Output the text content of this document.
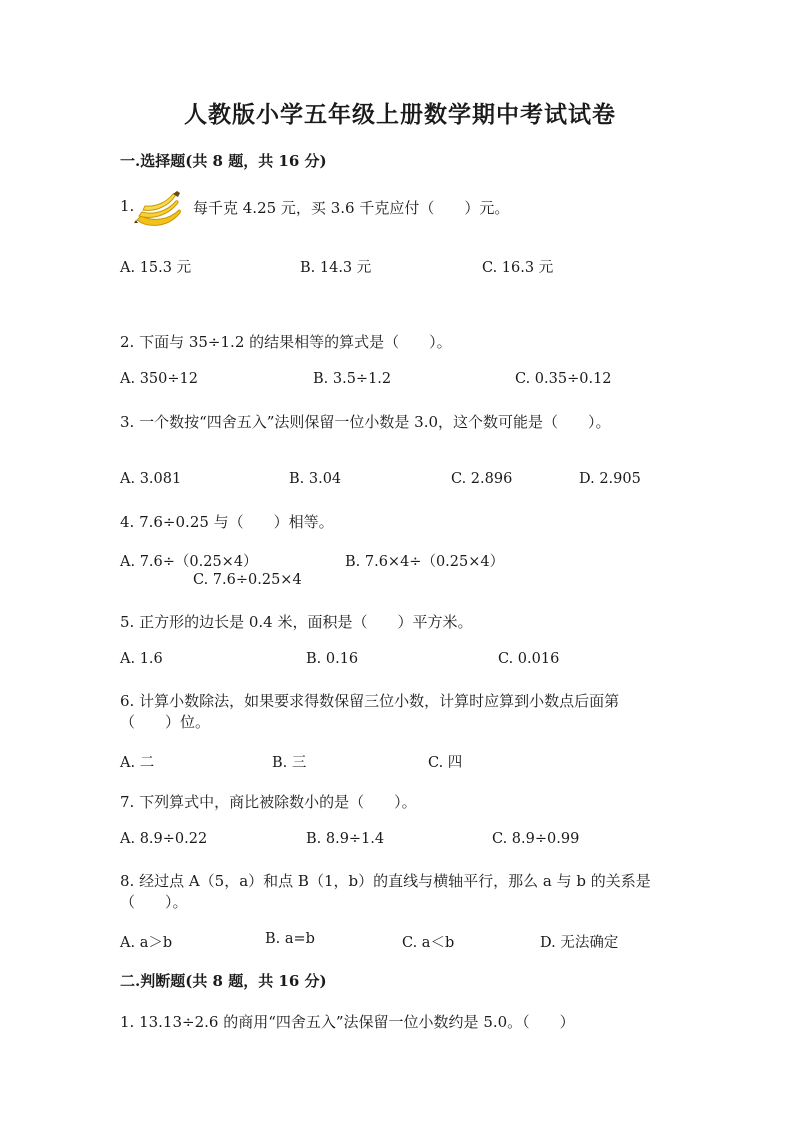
人教版小学五年级上册数学期中考试试卷
一.选择题(共 8 题，共 16 分)
1.	每千克 4.25 元，买 3.6 千克应付（　　）元。
A. 15.3 元	B. 14.3 元	C. 16.3 元
2. 下面与 35÷1.2 的结果相等的算式是（　　）。
A. 350÷12	B. 3.5÷1.2	C. 0.35÷0.12
3. 一个数按“四舍五入”法则保留一位小数是 3.0，这个数可能是（　　）。
A. 3.081	B. 3.04	C. 2.896	D. 2.905
4. 7.6÷0.25 与（　　）相等。
A. 7.6÷（0.25×4）	B. 7.6×4÷（0.25×4）
C. 7.6÷0.25×4
5. 正方形的边长是 0.4 米，面积是（　　）平方米。
A. 1.6	B. 0.16	C. 0.016
6. 计算小数除法，如果要求得数保留三位小数，计算时应算到小数点后面第
（　　）位。
A. 二	B. 三	C. 四
7. 下列算式中，商比被除数小的是（　　）。
A. 8.9÷0.22	B. 8.9÷1.4	C. 8.9÷0.99
8. 经过点 A（5，a）和点 B（1，b）的直线与横轴平行，那么 a 与 b 的关系是
（　　）。
A. a＞b	B. a=b	C. a＜b	D. 无法确定
二.判断题(共 8 题，共 16 分)
1. 13.13÷2.6 的商用“四舍五入”法保留一位小数约是 5.0。（　　）
